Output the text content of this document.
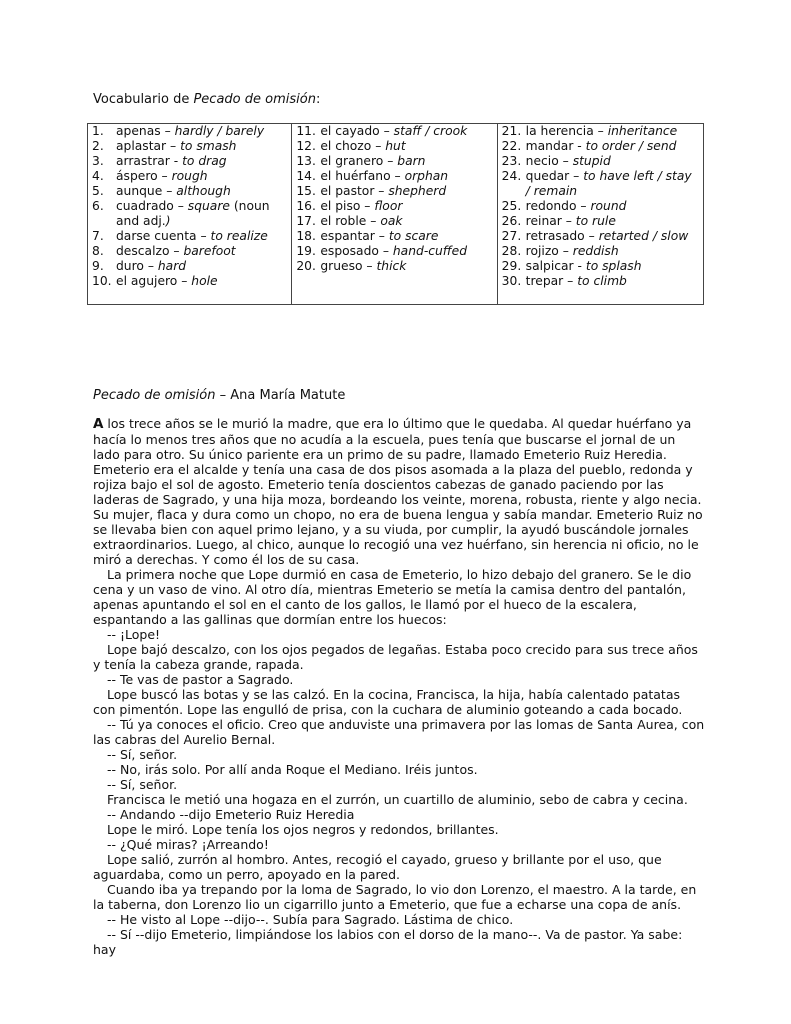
Vocabulario de Pecado de omisión:
1. apenas – hardly / barely
2. aplastar – to smash
3. arrastrar - to drag
4. áspero – rough
5. aunque – although
6. cuadrado – square (noun and adj.)
7. darse cuenta – to realize
8. descalzo – barefoot
9. duro – hard
10. el agujero – hole
11. el cayado – staff / crook
12. el chozo – hut
13. el granero – barn
14. el huérfano – orphan
15. el pastor – shepherd
16. el piso – floor
17. el roble – oak
18. espantar – to scare
19. esposado – hand-cuffed
20. grueso – thick
21. la herencia – inheritance
22. mandar - to order / send
23. necio – stupid
24. quedar – to have left / stay / remain
25. redondo – round
26. reinar – to rule
27. retrasado – retarted / slow
28. rojizo – reddish
29. salpicar - to splash
30. trepar – to climb
Pecado de omisión – Ana María Matute

A los trece años se le murió la madre, que era lo último que le quedaba. Al quedar huérfano ya hacía lo menos tres años que no acudía a la escuela, pues tenía que buscarse el jornal de un lado para otro. Su único pariente era un primo de su padre, llamado Emeterio Ruiz Heredia. Emeterio era el alcalde y tenía una casa de dos pisos asomada a la plaza del pueblo, redonda y rojiza bajo el sol de agosto. Emeterio tenía doscientos cabezas de ganado paciendo por las laderas de Sagrado, y una hija moza, bordeando los veinte, morena, robusta, riente y algo necia. Su mujer, flaca y dura como un chopo, no era de buena lengua y sabía mandar. Emeterio Ruiz no se llevaba bien con aquel primo lejano, y a su viuda, por cumplir, la ayudó buscándole jornales extraordinarios. Luego, al chico, aunque lo recogió una vez huérfano, sin herencia ni oficio, no le miró a derechas. Y como él los de su casa.

La primera noche que Lope durmió en casa de Emeterio, lo hizo debajo del granero. Se le dio cena y un vaso de vino. Al otro día, mientras Emeterio se metía la camisa dentro del pantalón, apenas apuntando el sol en el canto de los gallos, le llamó por el hueco de la escalera, espantando a las gallinas que dormían entre los huecos:

-- ¡Lope!

Lope bajó descalzo, con los ojos pegados de legañas. Estaba poco crecido para sus trece años y tenía la cabeza grande, rapada.

-- Te vas de pastor a Sagrado.

Lope buscó las botas y se las calzó. En la cocina, Francisca, la hija, había calentado patatas con pimentón. Lope las engulló de prisa, con la cuchara de aluminio goteando a cada bocado.

-- Tú ya conoces el oficio. Creo que anduviste una primavera por las lomas de Santa Aurea, con las cabras del Aurelio Bernal.

-- Sí, señor.

-- No, irás solo. Por allí anda Roque el Mediano. Iréis juntos.

-- Sí, señor.

Francisca le metió una hogaza en el zurrón, un cuartillo de aluminio, sebo de cabra y cecina.

-- Andando --dijo Emeterio Ruiz Heredia

Lope le miró. Lope tenía los ojos negros y redondos, brillantes.

-- ¿Qué miras? ¡Arreando!

Lope salió, zurrón al hombro. Antes, recogió el cayado, grueso y brillante por el uso, que aguardaba, como un perro, apoyado en la pared.

Cuando iba ya trepando por la loma de Sagrado, lo vio don Lorenzo, el maestro. A la tarde, en la taberna, don Lorenzo lio un cigarrillo junto a Emeterio, que fue a echarse una copa de anís.

-- He visto al Lope --dijo--. Subía para Sagrado. Lástima de chico.

-- Sí --dijo Emeterio, limpiándose los labios con el dorso de la mano--. Va de pastor. Ya sabe: hay
